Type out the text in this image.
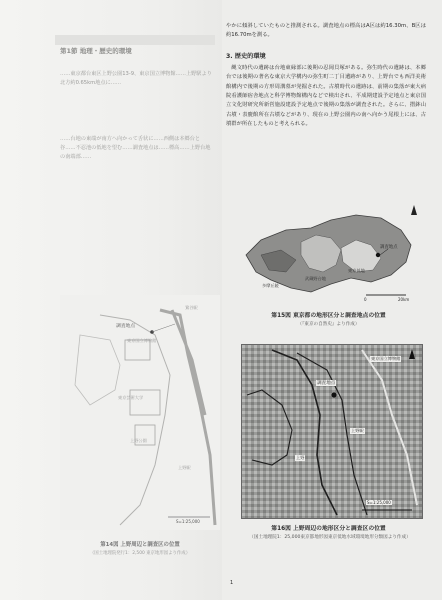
第1節 地理・歴史的環境
……東京都台東区上野公園13-9、東京国立博物館……上野駅より北方約0.65km地点に……
……台地の東端が南方へ向かって舌状に……西側は本郷台と谷……不忍池の低地を望む……調査地点は……標高……上野台地の南端部……
調査地点
東京国立博物館
鶯谷駅
東京芸術大学
上野公園
上野駅
S=1:25,000
第14図 上野周辺と調査区の位置
（国土地理院発行1：2,500 東京地形図より作成）

やかに傾斜していたものと推測される。調査地点の標高はA区は約16.30m、B区は約16.70mを測る。

3. 歴史的環境

縄文時代の遺跡は台地東縁部に後期の忍岡貝塚がある。弥生時代の遺跡は、本郷台では後期の著名な東京大学構内の弥生町二丁目遺跡があり、上野台でも西洋美術館構内で後期の方形周溝墓が発掘された。古墳時代の遺跡は、前期の集落が東大病院看護師宿舎地点と科学博物館構内などで検出され、平成期建設予定地点と東京国立文化財研究所新営施設建設予定地点で後期の集落が調査された。さらに、摺鉢山古墳・表慶館所在古墳などがあり、現在の上野公園内の南へ向かう尾根上には、古墳群が所在したものと考えられる。

調査地点
武蔵野台地
東京低地
多摩丘陵
0	20km
第15図 東京都の地形区分と調査地点の位置
（『東京の自然史』より作成）
調査地点
東京国立博物館
上野駅
上野
S=1:25,000
第16図 上野周辺の地形区分と調査区の位置
（国土地理院1：25,000東京都地形図東京低地水域環境地形分類図より作成）
1
